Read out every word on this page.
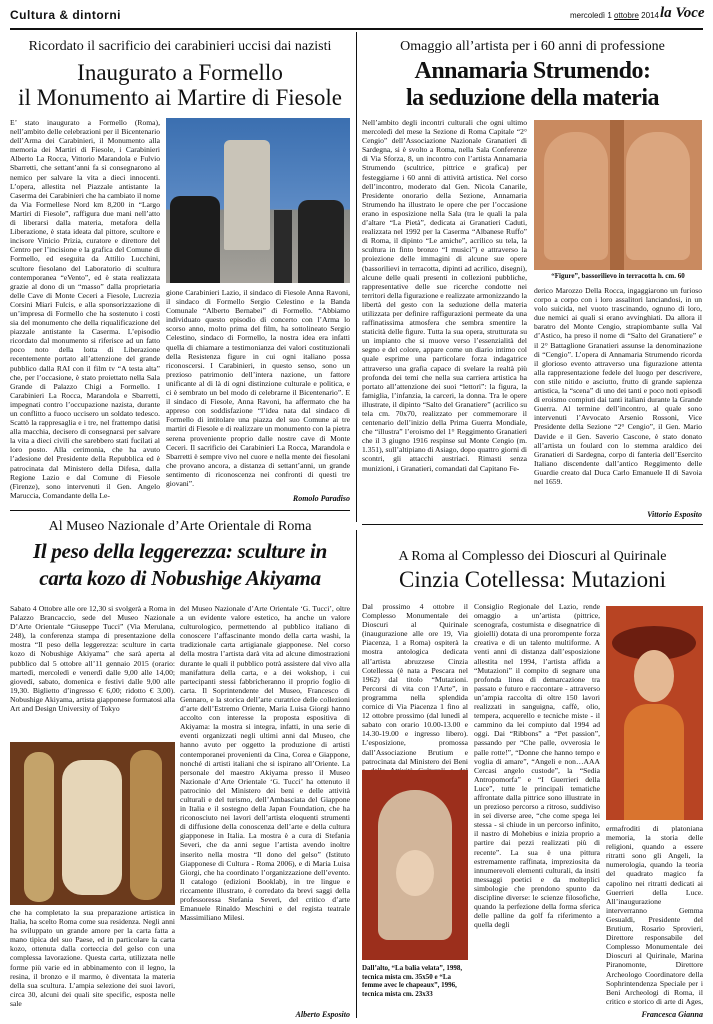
Cultura & dintorni	mercoledì 1 ottobre 2014 la Voce
Ricordato il sacrificio dei carabinieri uccisi dai nazisti
Inaugurato a Formello
il Monumento ai Martire di Fiesole
E’ stato inaugurato a Formello (Roma), nell’ambito delle celebrazioni per il Bicentenario dell’Arma dei Carabinieri, il Monumento alla memoria dei Martiri di Fiesole, i Carabinieri Alberto La Rocca, Vittorio Marandola e Fulvio Sbarretti, che settant’anni fa si consegnarono al nemico per salvare la vita a dieci innocenti. L’opera, allestita nel Piazzale antistante la Caserma dei Carabinieri che ha cambiato il nome da Via Formellese Nord km 8,200 in “Largo Martiri di Fiesole”, raffigura due mani nell’atto di liberarsi dalla materia, metafora della Liberazione, è stata ideata dal pittore, scultore e incisore Vinicio Prizia, curatore e direttore del Centro per l’incisione e la grafica del Comune di Formello, ed eseguita da Attilio Lucchini, scultore fiesolano del Laboratorio di scultura contemporanea “eVento”, ed è stata realizzata grazie al dono di un “masso” dalla proprietaria delle Cave di Monte Ceceri a Fiesole, Lucrezia Corsini Miari Fulcis, e alla sponsorizzazione di un’impresa di Formello che ha sostenuto i costi sia del monumento che della riqualificazione del piazzale antistante la Caserma. L’episodio ricordato dal monumento si riferisce ad un fatto poco noto della lotta di Liberazione recentemente portato all’attenzione del grande pubblico dalla RAI con il film tv “A testa alta” che, per l’occasione, è stato proiettato nella Sala Grande di Palazzo Chigi a Formello. I Carabinieri La Rocca, Marandola e Sbarretti, impegnati contro l’occupazione nazista, durante un conflitto a fuoco uccisero un soldato tedesco. Scattò la rappresaglia e i tre, nel frattempo datisi alla macchia, decisero di consegnarsi per salvare la vita a dieci civili che sarebbero stati fucilati al loro posto. Alla cerimonia, che ha avuto l’adesione del Presidente della Repubblica ed è patrocinata dal Ministero della Difesa, dalla Regione Lazio e dal Comune di Fiesole (Firenze), sono intervenuti il Gen. Angelo Maruccia, Comandante della Le-
gione Carabinieri Lazio, il sindaco di Fiesole Anna Ravoni, il sindaco di Formello Sergio Celestino e la Banda Comunale “Alberto Bernabei” di Formello. “Abbiamo individuato questo episodio di concerto con l’Arma lo scorso anno, molto prima del film, ha sottolineato Sergio Celestino, sindaco di Formello, la nostra idea era infatti quella di chiamare a testimonianza dei valori costituzionali della Resistenza figure in cui ogni italiano possa riconoscersi. I Carabinieri, in questo senso, sono un prezioso patrimonio dell’intera nazione, un fattore unificante al di là di ogni distinzione culturale e politica, e ci è sembrato un bel modo di celebrarne il Bicentenario”. E il sindaco di Fiesole, Anna Ravoni, ha affermato che ha appreso con soddisfazione “l’idea nata dal sindaco di Formello di intitolare una piazza del suo Comune ai tre martiri di Fiesole e di realizzare un monumento con la pietra serena proveniente proprio dalle nostre cave di Monte Ceceri. Il sacrificio dei Carabinieri La Rocca, Marandola e Sbarretti è sempre vivo nel cuore e nella mente dei fiesolani che provano ancora, a distanza di settant’anni, un grande sentimento di riconoscenza nei confronti di questi tre giovani”.
Romolo Paradiso
Omaggio all’artista per i 60 anni di professione
Annamaria Strumendo:
la seduzione della materia
Nell’ambito degli incontri culturali che ogni ultimo mercoledì del mese la Sezione di Roma Capitale “2° Cengio” dell’Associazione Nazionale Granatieri di Sardegna, si è svolto a Roma, nella Sala Conferenze di Via Sforza, 8, un incontro con l’artista Annamaria Strumendo (scultrice, pittrice e grafica) per festeggiarne i 60 anni di attività artistica. Nel corso dell’incontro, moderato dal Gen. Nicola Canarile, Presidente onorario della Sezione, Annamaria Strumendo ha illustrato le opere che per l’occasione erano in esposizione nella Sala (tra le quali la pala d’altare “La Pietà”, dedicata ai Granatieri Caduti, realizzata nel 1992 per la Caserma “Albanese Ruffo” di Roma, il dipinto “Le amiche”, acrilico su tela, la scultura in finto bronzo “I musici”) e attraverso la proiezione delle immagini di alcune sue opere (bassorilievi in terracotta, dipinti ad acrilico, disegni), alcune delle quali presenti in collezioni pubbliche, rappresentative delle sue ricerche condotte nei territori della figurazione e realizzate armonizzando la libertà del gesto con la seduzione della materia utilizzata per definire raffigurazioni permeate da una raffinatissima atmosfera che sembra smentire la staticità delle figure. Tutta la sua opera, strutturata su un impianto che si muove verso l’essenzialità del segno e del colore, appare come un diario intimo col quale esprime una particolare forza indagatrice attraverso una grafia capace di svelare la realtà più profonda dei temi che nella sua carriera artistica ha portato all’attenzione dei suoi “lettori”: la figura, la famiglia, l’infanzia, la carceri, la donna. Tra le opere illustrate, il dipinto “Salto del Granatiere” (acrilico su tela cm. 70x70, realizzato per commemorare il centenario dell’inizio della Prima Guerra Mondiale, che “illustra” l’eroismo del 1° Reggimento Granatieri che il 3 giugno 1916 respinse sul Monte Cengio (m. 1.351), sull’altipiano di Asiago, dopo quattro giorni di scontri, gli attacchi austriaci. Rimasti senza munizioni, i Granatieri, comandati dal Capitano Fe-
“Figure”, bassorilievo in terracotta h. cm. 60
derico Marozzo Della Rocca, ingaggiarono un furioso corpo a corpo con i loro assalitori lanciandosi, in un volo suicida, nel vuoto trascinando, ognuno di loro, due nemici ai quali si erano avvinghiati. Da allora il baratro del Monte Cengio, strapiombante sulla Val d’Astico, ha preso il nome di “Salto del Granatiere” e il 2° Battaglione Granatieri assunse la denominazione di “Cengio”. L’opera di Annamaria Strumendo ricorda il glorioso evento attraverso una figurazione attenta alla rappresentazione fedele del luogo per descrivere, con stile nitido e asciutto, frutto di grande sapienza artistica, la “scena” di uno dei tanti e poco noti episodi di eroismo compiuti dai tanti italiani durante la Grande Guerra. Al termine dell’incontro, al quale sono intervenuti l’Avvocato Arsenio Rossoni, Vice Presidente della Sezione “2° Cengio”, il Gen. Mario Davide e il Gen. Saverio Cascone, è stato donato all’artista un foulard con lo stemma araldico dei Granatieri di Sardegna, corpo di fanteria dell’Esercito Italiano discendente dall’antico Reggimento delle Guardie creato dal Duca Carlo Emanuele II di Savoia nel 1659.
Vittorio Esposito
Al Museo Nazionale d’Arte Orientale di Roma
Il peso della leggerezza: sculture in
carta kozo di Nobushige Akiyama
Sabato 4 Ottobre alle ore 12,30 si svolgerà a Roma in Palazzo Brancaccio, sede del Museo Nazionale D’Arte Orientale “Giuseppe Tucci” (Via Merulana, 248), la conferenza stampa di presentazione della mostra “Il peso della leggerezza: sculture in carta kozo di Nobushige Akiyama” che sarà aperta al pubblico dal 5 ottobre all’11 gennaio 2015 (orario: martedì, mercoledì e venerdì dalle 9,00 alle 14,00; giovedì, sabato, domenica e festivi dalle 9,00 alle 19,30. Biglietto d’ingresso € 6,00; ridotto € 3,00). Nobushige Akiyama, artista giapponese formatosi alla Art and Design University of Tokyo
che ha completato la sua preparazione artistica in Italia, ha scelto Roma come sua residenza. Negli anni ha sviluppato un grande amore per la carta fatta a mano tipica del suo Paese, ed in particolare la carta kozo, ottenuta dalla corteccia del gelso con una complessa lavorazione. Questa carta, utilizzata nelle forme più varie ed in abbinamento con il legno, la resina, il bronzo e il marmo, è diventata la materia della sua scultura. L’ampia selezione dei suoi lavori, circa 30, alcuni dei quali site specific, esposta nelle sale
del Museo Nazionale d’Arte Orientale ‘G. Tucci’, oltre a un evidente valore estetico, ha anche un valore culturologico, permettendo al pubblico italiano di conoscere l’affascinante mondo della carta washi, la tradizionale carta artigianale giapponese. Nel corso della mostra l’artista darà vita ad alcune dimostrazioni durante le quali il pubblico potrà assistere dal vivo alla manifattura della carta, e a dei wokshop, i cui partecipanti stessi fabbricheranno il proprio foglio di carta. Il Soprintendente del Museo, Francesco di Gennaro, e la storica dell’arte curatrice delle collezioni d’arte dell’Estremo Oriente, Maria Luisa Giorgi hanno accolto con interesse la proposta espositiva di Akiyama: la mostra si integra, infatti, in una serie di eventi organizzati negli ultimi anni dal Museo, che hanno avuto per oggetto la produzione di artisti contemporanei provenienti da Cina, Corea e Giappone, nonché di artisti italiani che si ispirano all’Oriente. La personale del maestro Akiyama presso il Museo Nazionale d’Arte Orientale ‘G. Tucci’ ha ottenuto il patrocinio del Ministero dei beni e delle attività culturali e del turismo, dell’Ambasciata del Giappone in Italia e il sostegno della Japan Foundation, che ha riconosciuto nei lavori dell’artista eloquenti strumenti di diffusione della conoscenza dell’arte e della cultura giapponese in Italia. La mostra è a cura di Stefania Severi, che da anni segue l’artista avendo inoltre inserito nella mostra “Il dono del gelso” (Istituto Giapponese di Cultura - Roma 2006), e di Maria Luisa Giorgi, che ha coordinato l’organizzazione dell’evento. Il catalogo (edizioni Booklab), in tre lingue e riccamente illustrato, è corredato da brevi saggi della professoressa Stefania Severi, del critico d’arte Emanuele Rinaldo Meschini e del regista teatrale Massimiliano Milesi.
Alberto Esposito
A Roma al Complesso dei Dioscuri al Quirinale
Cinzia Cotellessa: Mutazioni
Dal prossimo 4 ottobre il Complesso Monumentale dei Dioscuri al Quirinale (inaugurazione alle ore 19, Via Piacenza, 1 a Roma) ospiterà la mostra antologica dedicata all’artista abruzzese Cinzia Cotellessa (è nata a Pescara nel 1962) dal titolo “Mutazioni. Percorsi di vita con l’Arte”, in programma nella splendida cornice di Via Piacenza 1 fino al 12 ottobre prossimo (dal lunedì al sabato con orario 10.00-13.00 e 14.30-19.00 e ingresso libero). L’esposizione, promossa dall’Associazione Brutium e patrocinata dal Ministero dei Beni
Dall’alto, “La balia velata”, 1998, tecnica mista cm. 35x50 e “La femme avec le chapeaux”, 1996, tecnica mista cm. 23x33
Consiglio Regionale del Lazio, rende omaggio a un’artista (pittrice, scenografa, costumista e disegnatrice di gioielli) dotata di una prorompente forza creativa e di un talento multiforme. A venti anni di distanza dall’esposizione allestita nel 1994, l’artista affida a “Mutazioni” il compito di segnare una profonda linea di demarcazione tra passato e futuro e raccontare - attraverso un’ampia raccolta di oltre 150 lavori realizzati in sanguigna, caffè, olio, tempera, acquerello e tecniche miste - il cammino da lei compiuto dal 1994 ad oggi. Dai “Ribbons” a “Pet passion”, passando per “Che palle, ovverosia le palle rotte!”, “Donne che hanno tempo e voglia di amare”, “Angeli e non…AAA Cercasi angelo custode”, la “Sedia Antropomorfa” e “I Guerrieri della Luce”, tutte le principali tematiche affrontate dalla pittrice sono illustrate in un prezioso percorso a ritroso, suddiviso in sei diverse aree, “che come spega lei stessa - si chiude in un percorso infinito, il nastro di Mohebius e inizia proprio a partire dai pezzi realizzati più di recente”. La sua è una pittura estremamente raffinata, impreziosita da innumerevoli elementi culturali, da insiti messaggi poetici e da molteplici simbologie che prendono spunto da discipline diverse: le scienze filosofiche, quando la perfezione della forma sferica delle palline da golf fa riferimento a quella degli
ermafroditi di platoniana memoria, la storia delle religioni, quando a essere ritratti sono gli Angeli, la numerologia, quando la teoria del quadrato magico fa capolino nei ritratti dedicati ai Guerrieri della Luce. All’inaugurazione interverranno Gemma Gesualdi, Presidente del Brutium, Rosario Sprovieri, Direttore responsabile del Complesso Monumentale dei Dioscuri al Quirinale, Marina Piranomonte, Direttore Archeologo Coordinatore della Sophrintendenza Speciale per i Beni Archeologi di Roma, il critico e storico di arte di Ages,
Francesca Gianna
